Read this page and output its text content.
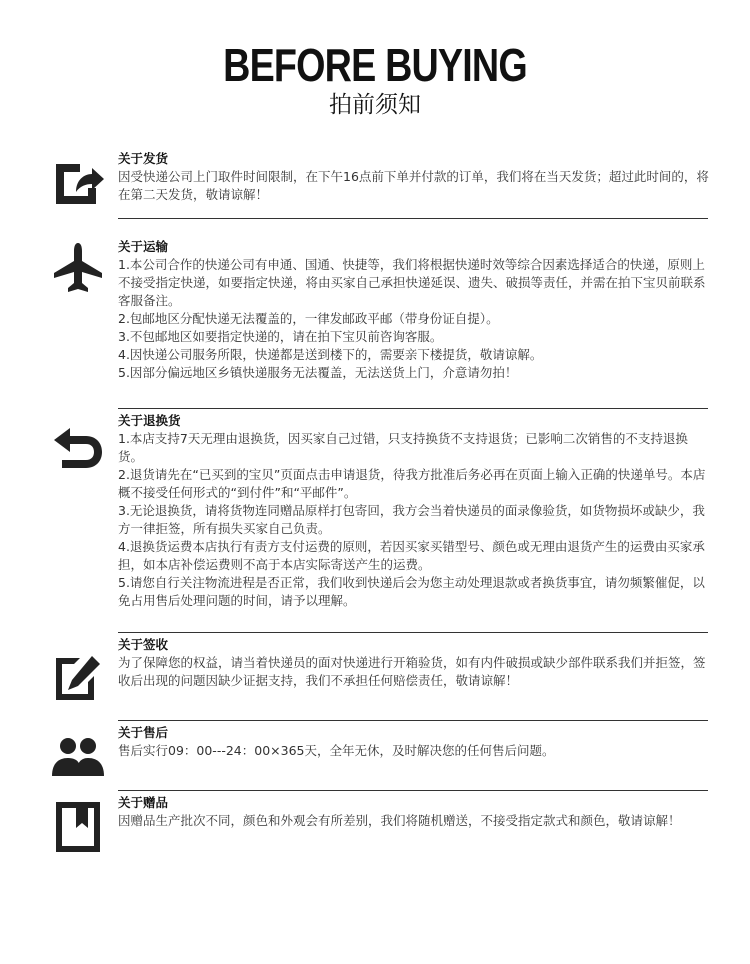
BEFORE BUYING
拍前须知
关于发货
因受快递公司上门取件时间限制，在下午16点前下单并付款的订单，我们将在当天发货；超过此时间的，将在第二天发货，敬请谅解！
关于运输
1.本公司合作的快递公司有申通、国通、快捷等，我们将根据快递时效等综合因素选择适合的快递，原则上不接受指定快递，如要指定快递，将由买家自己承担快递延误、遗失、破损等责任，并需在拍下宝贝前联系客服备注。
2.包邮地区分配快递无法覆盖的，一律发邮政平邮（带身份证自提）。
3.不包邮地区如要指定快递的，请在拍下宝贝前咨询客服。
4.因快递公司服务所限，快递都是送到楼下的，需要亲下楼提货，敬请谅解。
5.因部分偏远地区乡镇快递服务无法覆盖，无法送货上门，介意请勿拍！
关于退换货
1.本店支持7天无理由退换货，因买家自己过错，只支持换货不支持退货；已影响二次销售的不支持退换货。
2.退货请先在“已买到的宝贝”页面点击申请退货，待我方批准后务必再在页面上输入正确的快递单号。本店概不接受任何形式的“到付件”和“平邮件”。
3.无论退换货，请将货物连同赠品原样打包寄回，我方会当着快递员的面录像验货，如货物损坏或缺少，我方一律拒签，所有损失买家自己负责。
4.退换货运费本店执行有责方支付运费的原则，若因买家买错型号、颜色或无理由退货产生的运费由买家承担，如本店补偿运费则不高于本店实际寄送产生的运费。
5.请您自行关注物流进程是否正常，我们收到快递后会为您主动处理退款或者换货事宜，请勿频繁催促，以免占用售后处理问题的时间，请予以理解。
关于签收
为了保障您的权益，请当着快递员的面对快递进行开箱验货，如有内件破损或缺少部件联系我们并拒签，签收后出现的问题因缺少证据支持，我们不承担任何赔偿责任，敬请谅解！
关于售后
售后实行09：00---24：00×365天，全年无休，及时解决您的任何售后问题。
关于赠品
因赠品生产批次不同，颜色和外观会有所差别，我们将随机赠送，不接受指定款式和颜色，敬请谅解！
